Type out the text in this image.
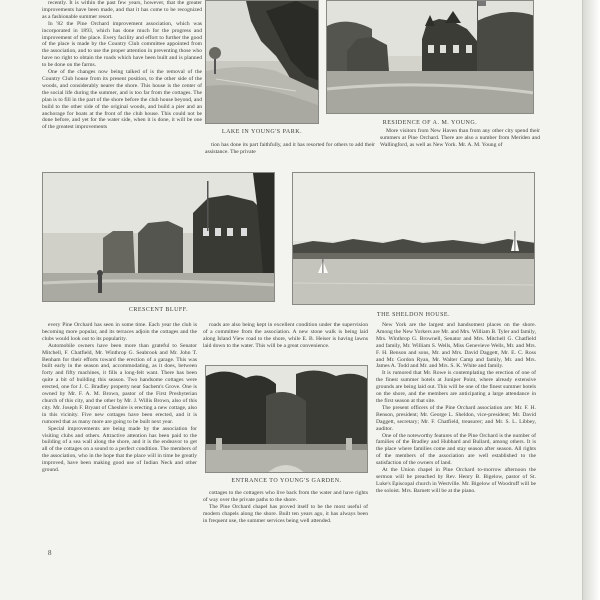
recently. It is within the past few years, however, that the greater improvements have been made, and that it has come to be recognized as a fashionable summer resort.

In '82 the Pine Orchard improvement association, which was incorporated in 1893, which has done much for the progress and improvement of the place. Every facility and effort to further the good of the place is made by the Country Club committee appointed from the association, and to use the proper attention in preventing those who have no right to obtain the roads which have been built and is planned to be done on the farms.

One of the changes now being talked of is the removal of the Country Club house from its present position, to the other side of the woods, and considerably nearer the shore. This house is the center of the social life during the summer, and is too far from the cottages. The plan is to fill in the part of the shore before the club house beyond, and build to the other side of the original woods, and build a pier and an anchorage for boats at the front of the club house. This could not be done before, and yet for the water side, when it is done, it will be one of the greatest improvements

LAKE IN YOUNG'S PARK.
RESIDENCE OF A. M. YOUNG.

More visitors from New Haven than from any other city spend their summers at Pine Orchard. There are also a number from Meriden and Wallingford, as well as New York. Mr. A. M. Young of

tion has done its part faithfully, and it has resorted for others to add their assistance. The private

CRESCENT BLUFF.
THE SHELDON HOUSE.

every Pine Orchard has seen in some time. Each year the club is becoming more popular, and its terraces adjoin the cottages and the clubs would look out to its popularity.

Automobile owners have been more than grateful to Senator Mitchell, F. Chatfield, Mr. Winthrop G. Seabrook and Mr. John T. Benham for their efforts toward the erection of a garage. This was built early in the season and, accommodating, as it does, between forty and fifty machines, it fills a long-felt want. There has been quite a bit of building this season. Two handsome cottages were erected, one for J. C. Bradley property near Sachem's Grove. One is owned by Mr. F. A. M. Brown, pastor of the First Presbyterian church of this city, and the other by Mr. J. Willis Brown, also of this city. Mr. Joseph F. Bryant of Cheshire is erecting a new cottage, also in this vicinity. Five new cottages have been erected, and it is rumored that as many more are going to be built next year.

Special improvements are being made by the association for visiting clubs and others. Attractive attention has been paid to the building of a sea wall along the shore, and it is the endeavor to get all of the cottages on a sound to a perfect condition. The members of the association, who in the hope that the place will in time be greatly improved, have been making good use of Indian Neck and other ground.

roads are also being kept in excellent condition under the supervision of a committee from the association. A new stone walk is being laid along Island View road to the shore, while E. B. Heiser is having lawns laid down to the water. This will be a great convenience.

ENTRANCE TO YOUNG'S GARDEN.

cottages to the cottagers who live back from the water and have rights of way over the private paths to the shore.

The Pine Orchard chapel has proved itself to be the most useful of modern chapels along the shore. Built ten years ago, it has always been in frequent use, the summer services being well attended.

New York are the largest and handsomest places on the shore. Among the New Yorkers are Mr. and Mrs. William B. Tyler and family, Mrs. Winthrop G. Brownell, Senator and Mrs. Mitchell G. Chatfield and family, Mr. William S. Wells, Miss Genevieve Wells, Mr. and Mrs. F. H. Benson and sons, Mr. and Mrs. David Daggett, Mr. E. C. Ross and Mr. Gordon Ryan, Mr. Walter Camp and family, Mr. and Mrs. James A. Todd and Mr. and Mrs. S. K. White and family.

It is rumored that Mr. Rowe is contemplating the erection of one of the finest summer hotels at Juniper Point, where already extensive grounds are being laid out. This will be one of the finest summer hotels on the shore, and the members are anticipating a large attendance in the first season at that site.

The present officers of the Pine Orchard association are: Mr. F. H. Benson, president; Mr. George L. Sheldon, vice-president; Mr. David Daggett, secretary; Mr. F. Chatfield, treasurer; and Mr. S. L. Libbey, auditor.

One of the noteworthy features of the Pine Orchard is the number of families of the Bradley and Hubbard and Bullard, among others. It is the place where families come and stay season after season. All rights of the members of the association are well established to the satisfaction of the owners of land.

At the Union chapel in Pine Orchard to-morrow afternoon the sermon will be preached by Rev. Henry B. Bigelow, pastor of St. Luke's Episcopal church in Westville. Mr. Bigelow of Woodruff will be the soloist. Mrs. Barnett will be at the piano.

8
